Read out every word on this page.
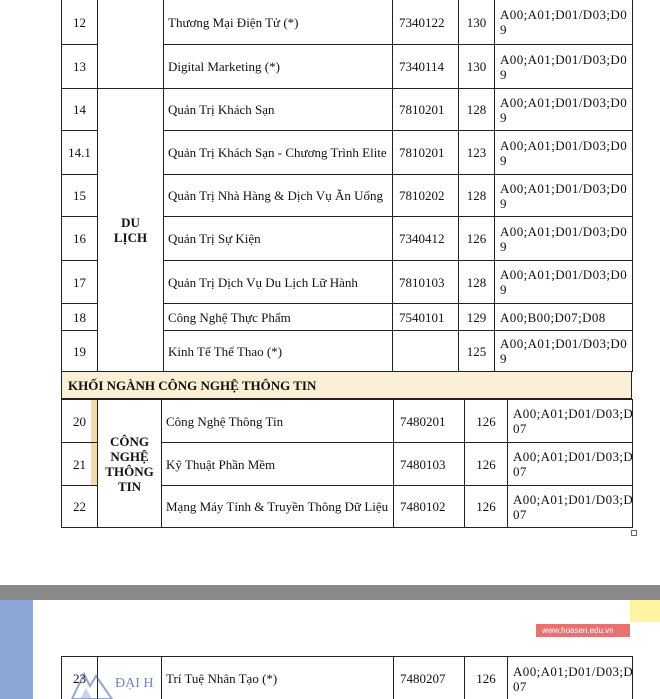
12		Thương Mại Điện Tử (*)	7340122	130	A00;A01;D01/D03;D0 9
13		Digital Marketing (*)	7340114	130	A00;A01;D01/D03;D0 9
14	DU LỊCH	Quản Trị Khách Sạn	7810201	128	A00;A01;D01/D03;D0 9
14.1		Quản Trị Khách Sạn - Chương Trình Elite	7810201	123	A00;A01;D01/D03;D0 9
15		Quản Trị Nhà Hàng & Dịch Vụ Ăn Uống	7810202	128	A00;A01;D01/D03;D0 9
16		Quản Trị Sự Kiện	7340412	126	A00;A01;D01/D03;D0 9
17		Quản Trị Dịch Vụ Du Lịch Lữ Hành	7810103	128	A00;A01;D01/D03;D0 9
18		Công Nghệ Thực Phẩm	7540101	129	A00;B00;D07;D08
19		Kinh Tế Thể Thao (*)		125	A00;A01;D01/D03;D0 9
KHỐI NGÀNH CÔNG NGHỆ THÔNG TIN
20	CÔNG NGHỆ THÔNG TIN	Công Nghệ Thông Tin	7480201	126	A00;A01;D01/D03;D 07
21		Kỹ Thuật Phần Mềm	7480103	126	A00;A01;D01/D03;D 07
22		Mạng Máy Tính & Truyền Thông Dữ Liệu	7480102	126	A00;A01;D01/D03;D 07
www.hoasen.edu.vn
23		Trí Tuệ Nhân Tạo (*)	7480207	126	A00;A01;D01/D03;D 07
ĐẠI H
